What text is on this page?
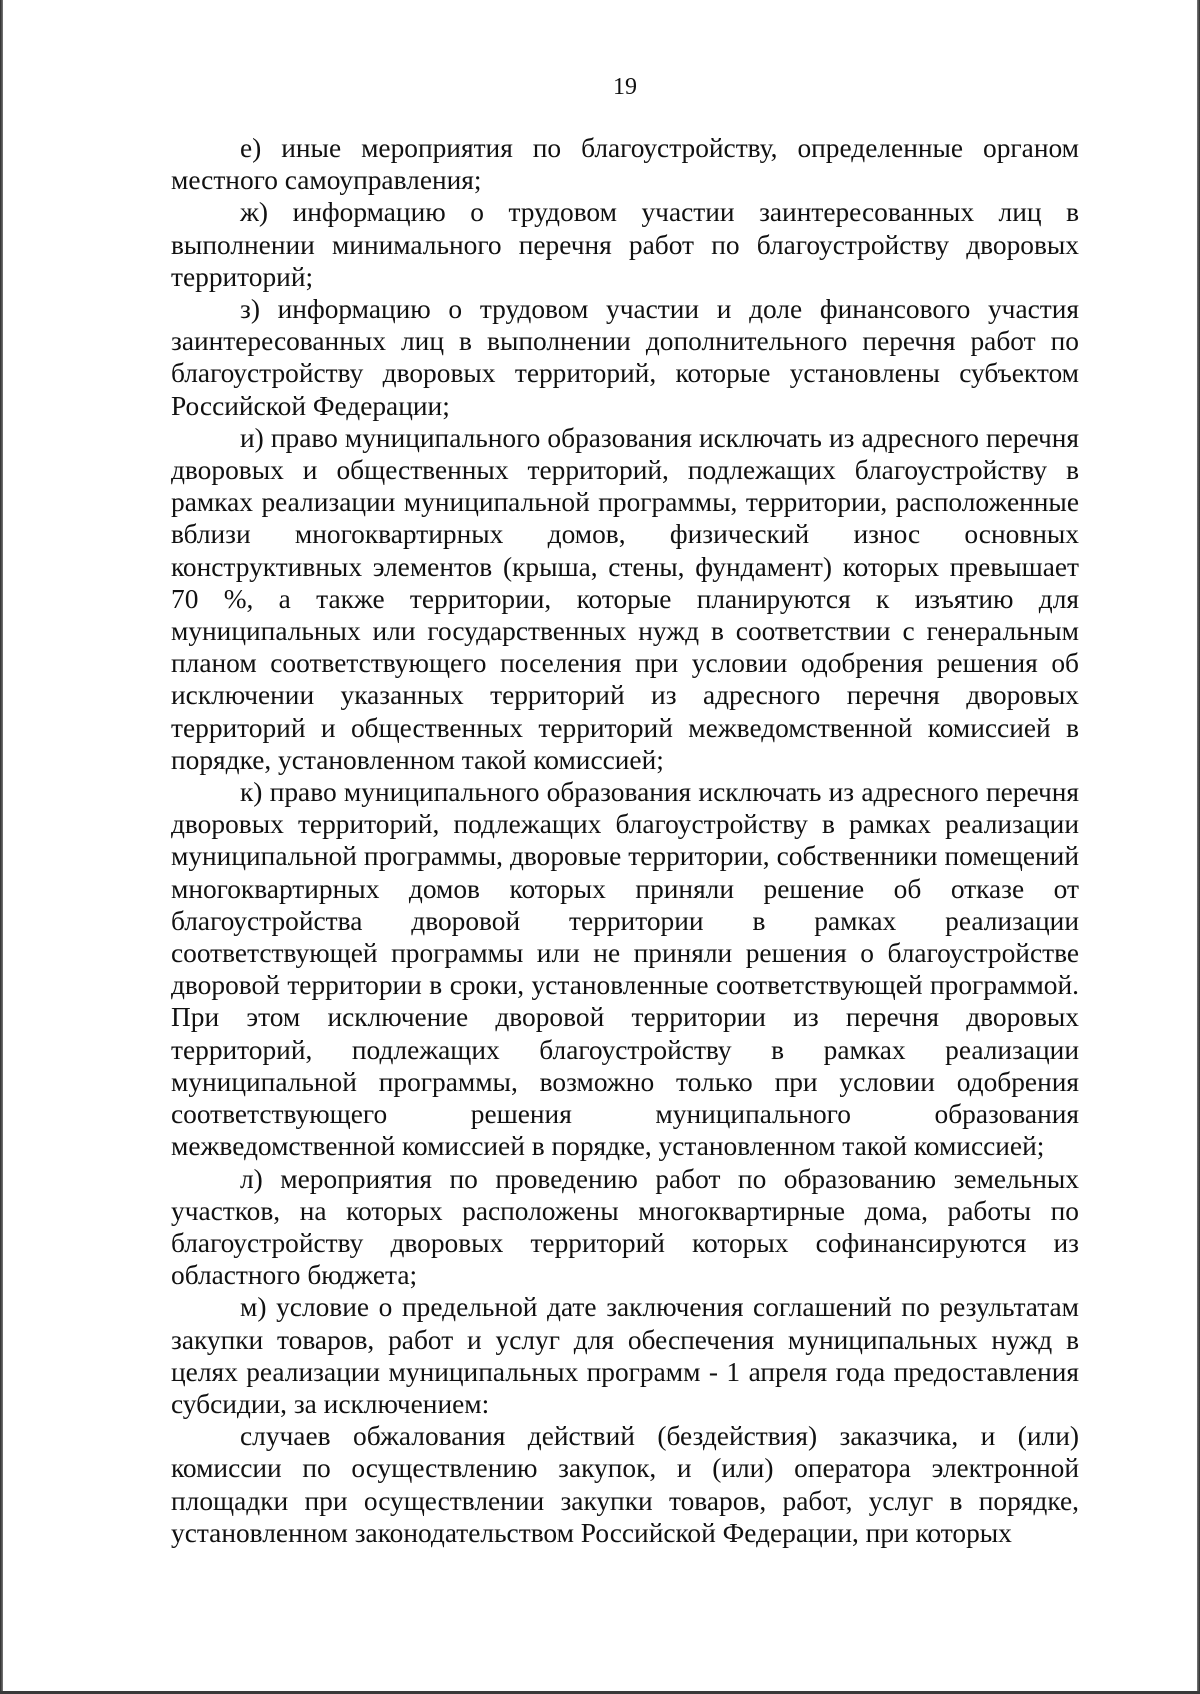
19

е) иные мероприятия по благоустройству, определенные органом местного самоуправления;

ж) информацию о трудовом участии заинтересованных лиц в выполнении минимального перечня работ по благоустройству дворовых территорий;

з) информацию о трудовом участии и доле финансового участия заинтересованных лиц в выполнении дополнительного перечня работ по благоустройству дворовых территорий, которые установлены субъектом Российской Федерации;

и) право муниципального образования исключать из адресного перечня дворовых и общественных территорий, подлежащих благоустройству в рамках реализации муниципальной программы, территории, расположенные вблизи многоквартирных домов, физический износ основных конструктивных элементов (крыша, стены, фундамент) которых превышает 70 %, а также территории, которые планируются к изъятию для муниципальных или государственных нужд в соответствии с генеральным планом соответствующего поселения при условии одобрения решения об исключении указанных территорий из адресного перечня дворовых территорий и общественных территорий межведомственной комиссией в порядке, установленном такой комиссией;

к) право муниципального образования исключать из адресного перечня дворовых территорий, подлежащих благоустройству в рамках реализации муниципальной программы, дворовые территории, собственники помещений многоквартирных домов которых приняли решение об отказе от благоустройства дворовой территории в рамках реализации соответствующей программы или не приняли решения о благоустройстве дворовой территории в сроки, установленные соответствующей программой. При этом исключение дворовой территории из перечня дворовых территорий, подлежащих благоустройству в рамках реализации муниципальной программы, возможно только при условии одобрения соответствующего решения муниципального образования межведомственной комиссией в порядке, установленном такой комиссией;

л) мероприятия по проведению работ по образованию земельных участков, на которых расположены многоквартирные дома, работы по благоустройству дворовых территорий которых софинансируются из областного бюджета;

м) условие о предельной дате заключения соглашений по результатам закупки товаров, работ и услуг для обеспечения муниципальных нужд в целях реализации муниципальных программ - 1 апреля года предоставления субсидии, за исключением:

случаев обжалования действий (бездействия) заказчика, и (или) комиссии по осуществлению закупок, и (или) оператора электронной площадки при осуществлении закупки товаров, работ, услуг в порядке, установленном законодательством Российской Федерации, при которых
